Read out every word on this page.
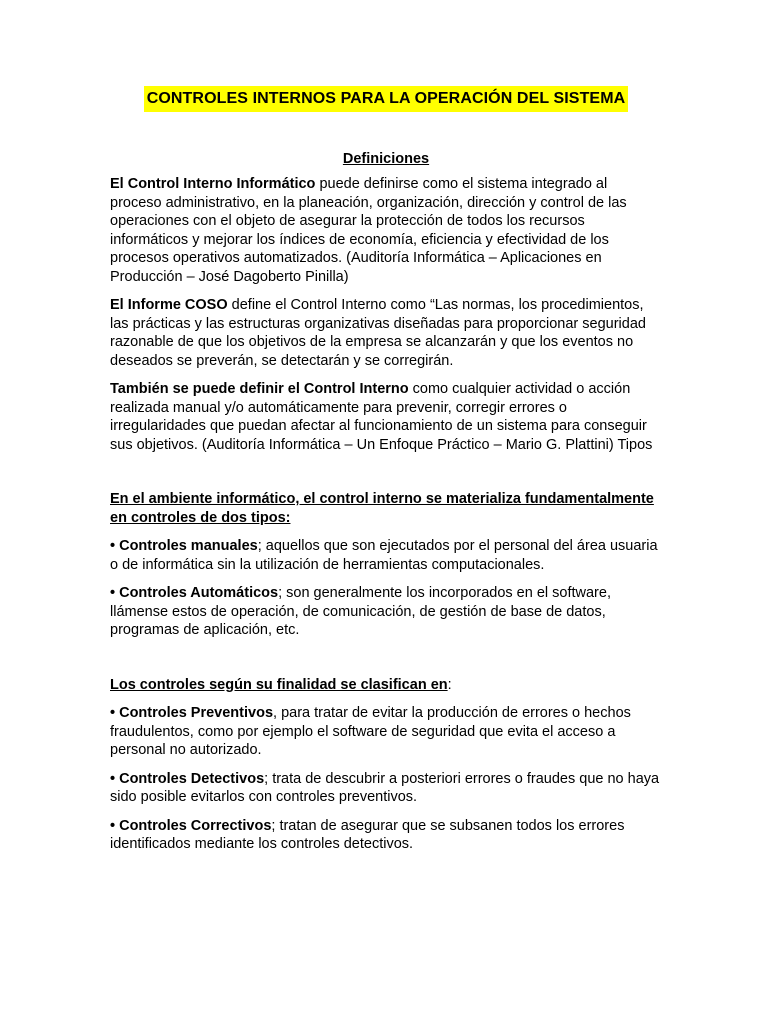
CONTROLES INTERNOS PARA LA OPERACIÓN DEL SISTEMA
Definiciones

El Control Interno Informático puede definirse como el sistema integrado al proceso administrativo, en la planeación, organización, dirección y control de las operaciones con el objeto de asegurar la protección de todos los recursos informáticos y mejorar los índices de economía, eficiencia y efectividad de los procesos operativos automatizados. (Auditoría Informática – Aplicaciones en Producción – José Dagoberto Pinilla)

El Informe COSO define el Control Interno como “Las normas, los procedimientos, las prácticas y las estructuras organizativas diseñadas para proporcionar seguridad razonable de que los objetivos de la empresa se alcanzarán y que los eventos no deseados se preverán, se detectarán y se corregirán.

También se puede definir el Control Interno como cualquier actividad o acción realizada manual y/o automáticamente para prevenir, corregir errores o irregularidades que puedan afectar al funcionamiento de un sistema para conseguir sus objetivos. (Auditoría Informática – Un Enfoque Práctico – Mario G. Plattini) Tipos

En el ambiente informático, el control interno se materializa fundamentalmente en controles de dos tipos:

• Controles manuales; aquellos que son ejecutados por el personal del área usuaria o de informática sin la utilización de herramientas computacionales.

• Controles Automáticos; son generalmente los incorporados en el software, llámense estos de operación, de comunicación, de gestión de base de datos, programas de aplicación, etc.

Los controles según su finalidad se clasifican en:

• Controles Preventivos, para tratar de evitar la producción de errores o hechos fraudulentos, como por ejemplo el software de seguridad que evita el acceso a personal no autorizado.

• Controles Detectivos; trata de descubrir a posteriori errores o fraudes que no haya sido posible evitarlos con controles preventivos.

• Controles Correctivos; tratan de asegurar que se subsanen todos los errores identificados mediante los controles detectivos.
